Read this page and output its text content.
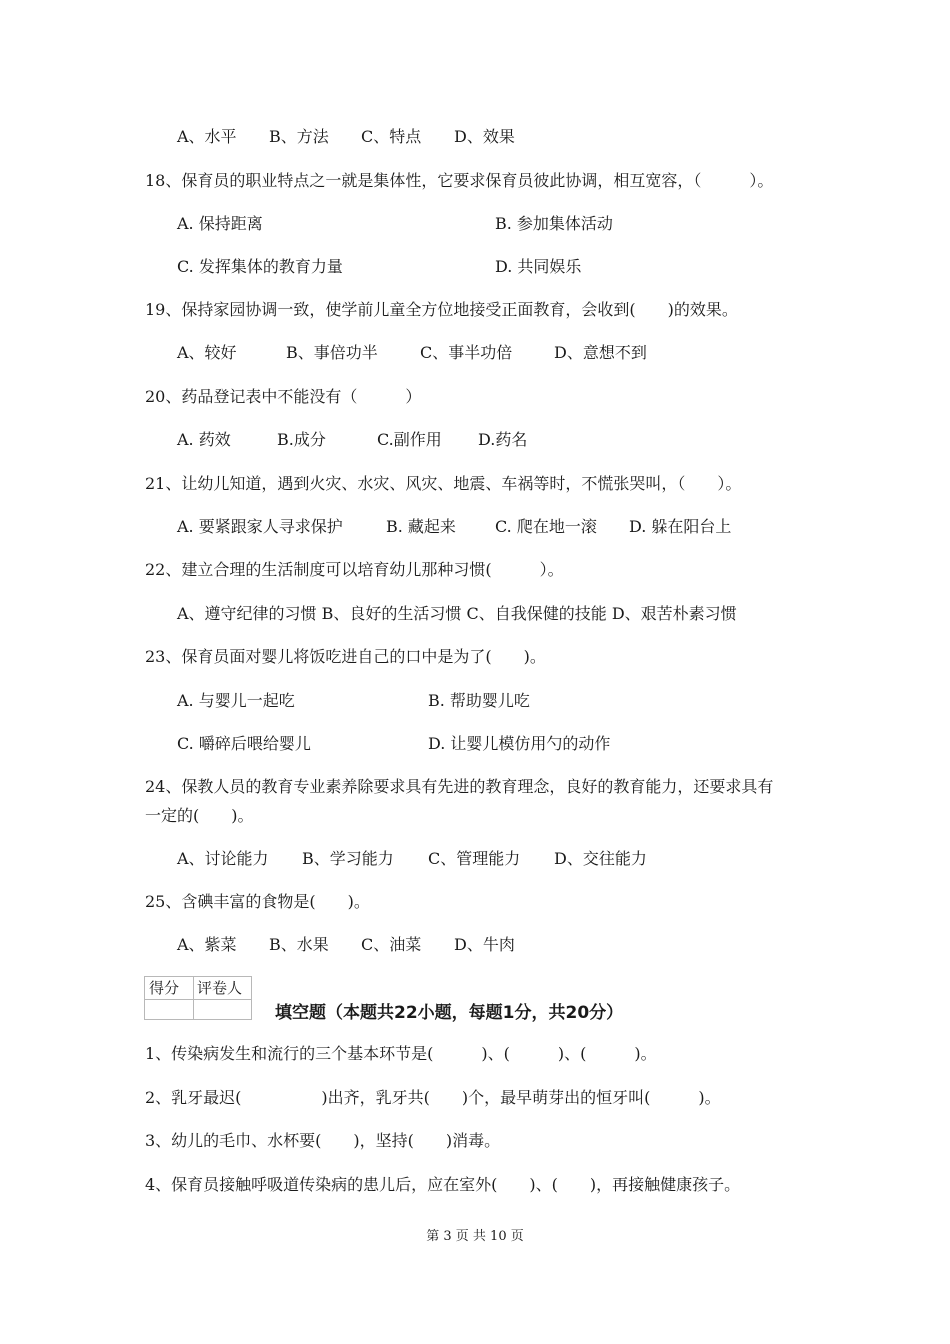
A、水平 B、方法 C、特点 D、效果
18、保育员的职业特点之一就是集体性，它要求保育员彼此协调，相互宽容，（　　　）。
A. 保持距离	B. 参加集体活动
C. 发挥集体的教育力量	D. 共同娱乐
19、保持家园协调一致，使学前儿童全方位地接受正面教育，会收到(　　)的效果。
A、较好	B、事倍功半	C、事半功倍	D、意想不到
20、药品登记表中不能没有（　　　）
A. 药效	B.成分	C.副作用 D.药名
21、让幼儿知道，遇到火灾、水灾、风灾、地震、车祸等时，不慌张哭叫，（　　）。
A. 要紧跟家人寻求保护	B. 藏起来 C. 爬在地一滚 D. 躲在阳台上
22、建立合理的生活制度可以培育幼儿那种习惯(　　　）。
A、遵守纪律的习惯 B、良好的生活习惯 C、自我保健的技能 D、艰苦朴素习惯
23、保育员面对婴儿将饭吃进自己的口中是为了(　　)。
A. 与婴儿一起吃	B. 帮助婴儿吃
C. 嚼碎后喂给婴儿	D. 让婴儿模仿用勺的动作
24、保教人员的教育专业素养除要求具有先进的教育理念，良好的教育能力，还要求具有
一定的(　　)。
A、讨论能力 B、学习能力 C、管理能力 D、交往能力
25、含碘丰富的食物是(　　)。
A、紫菜 B、水果 C、油菜 D、牛肉
得分 评卷人
填空题（本题共22小题，每题1分，共20分）
1、传染病发生和流行的三个基本环节是(　　　)、(　　　)、(　　　)。
2、乳牙最迟(　　　　　)出齐，乳牙共(　　)个，最早萌芽出的恒牙叫(　　　)。
3、幼儿的毛巾、水杯要(　　)，坚持(　　)消毒。
4、保育员接触呼吸道传染病的患儿后，应在室外(　　)、(　　)，再接触健康孩子。
第 3 页 共 10 页
